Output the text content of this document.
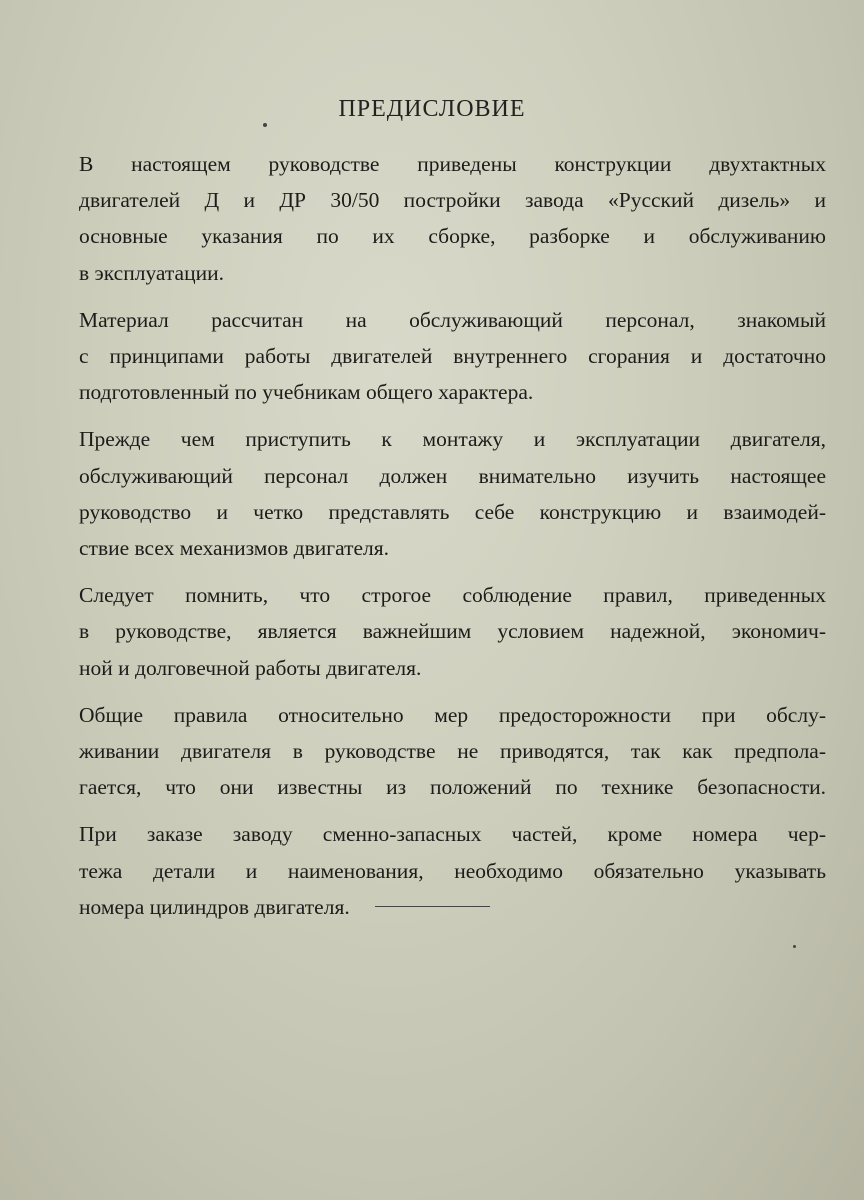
ПРЕДИСЛОВИЕ

В настоящем руководстве приведены конструкции двухтактных
двигателей Д и ДР 30/50 постройки завода «Русский дизель» и
основные указания по их сборке, разборке и обслуживанию
в эксплуатации.

Материал рассчитан на обслуживающий персонал, знакомый
с принципами работы двигателей внутреннего сгорания и достаточно
подготовленный по учебникам общего характера.

Прежде чем приступить к монтажу и эксплуатации двигателя,
обслуживающий персонал должен внимательно изучить настоящее
руководство и четко представлять себе конструкцию и взаимодей-
ствие всех механизмов двигателя.

Следует помнить, что строгое соблюдение правил, приведенных
в руководстве, является важнейшим условием надежной, экономич-
ной и долговечной работы двигателя.

Общие правила относительно мер предосторожности при обслу-
живании двигателя в руководстве не приводятся, так как предпола-
гается, что они известны из положений по технике безопасности.

При заказе заводу сменно-запасных частей, кроме номера чер-
тежа детали и наименования, необходимо обязательно указывать
номера цилиндров двигателя.
